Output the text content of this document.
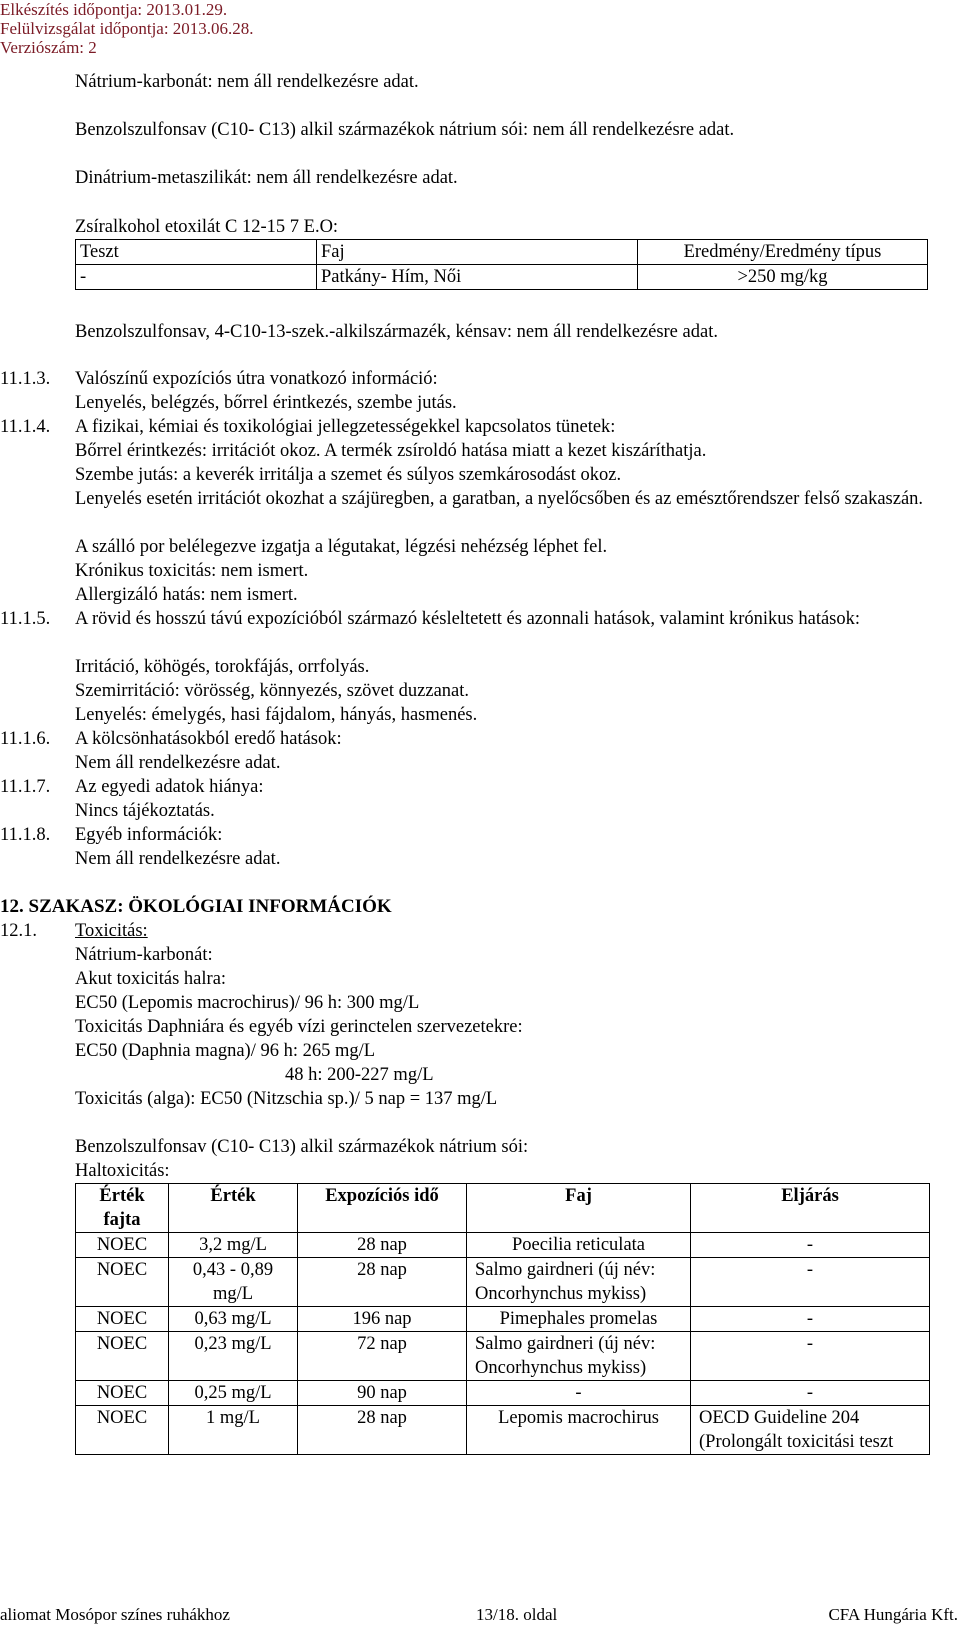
Elkészítés időpontja: 2013.01.29.
Felülvizsgálat időpontja: 2013.06.28.
Verziószám: 2
Nátrium-karbonát: nem áll rendelkezésre adat.
Benzolszulfonsav (C10- C13) alkil származékok nátrium sói: nem áll rendelkezésre adat.
Dinátrium-metaszilikát: nem áll rendelkezésre adat.
Zsíralkohol etoxilát C 12-15 7 E.O:
Teszt	Faj	Eredmény/Eredmény típus
-	Patkány- Hím, Női	>250 mg/kg
Benzolszulfonsav, 4-C10-13-szek.-alkilszármazék, kénsav: nem áll rendelkezésre adat.
11.1.3. Valószínű expozíciós útra vonatkozó információ:
Lenyelés, belégzés, bőrrel érintkezés, szembe jutás.
11.1.4. A fizikai, kémiai és toxikológiai jellegzetességekkel kapcsolatos tünetek:
Bőrrel érintkezés: irritációt okoz. A termék zsíroldó hatása miatt a kezet kiszáríthatja.
Szembe jutás: a keverék irritálja a szemet és súlyos szemkárosodást okoz.
Lenyelés esetén irritációt okozhat a szájüregben, a garatban, a nyelőcsőben és az emésztőrendszer felső szakaszán.
A szálló por belélegezve izgatja a légutakat, légzési nehézség léphet fel.
Krónikus toxicitás: nem ismert.
Allergizáló hatás: nem ismert.
11.1.5. A rövid és hosszú távú expozícióból származó késleltetett és azonnali hatások, valamint krónikus hatások:
Irritáció, köhögés, torokfájás, orrfolyás.
Szemirritáció: vörösség, könnyezés, szövet duzzanat.
Lenyelés: émelygés, hasi fájdalom, hányás, hasmenés.
11.1.6. A kölcsönhatásokból eredő hatások:
Nem áll rendelkezésre adat.
11.1.7. Az egyedi adatok hiánya:
Nincs tájékoztatás.
11.1.8. Egyéb információk:
Nem áll rendelkezésre adat.
12. SZAKASZ: ÖKOLÓGIAI INFORMÁCIÓK
12.1. Toxicitás:
Nátrium-karbonát:
Akut toxicitás halra:
EC50 (Lepomis macrochirus)/ 96 h: 300 mg/L
Toxicitás Daphniára és egyéb vízi gerinctelen szervezetekre:
EC50 (Daphnia magna)/ 96 h: 265 mg/L
48 h: 200-227 mg/L
Toxicitás (alga): EC50 (Nitzschia sp.)/ 5 nap = 137 mg/L
Benzolszulfonsav (C10- C13) alkil származékok nátrium sói:
Haltoxicitás:
Érték fajta	Érték	Expozíciós idő	Faj	Eljárás
NOEC	3,2 mg/L	28 nap	Poecilia reticulata	-
NOEC	0,43 - 0,89 mg/L	28 nap	Salmo gairdneri (új név: Oncorhynchus mykiss)	-
NOEC	0,63 mg/L	196 nap	Pimephales promelas	-
NOEC	0,23 mg/L	72 nap	Salmo gairdneri (új név: Oncorhynchus mykiss)	-
NOEC	0,25 mg/L	90 nap	-	-
NOEC	1 mg/L	28 nap	Lepomis macrochirus	OECD Guideline 204 (Prolongált toxicitási teszt
aliomat Mosópor színes ruhákhoz	13/18. oldal	CFA Hungária Kft.
